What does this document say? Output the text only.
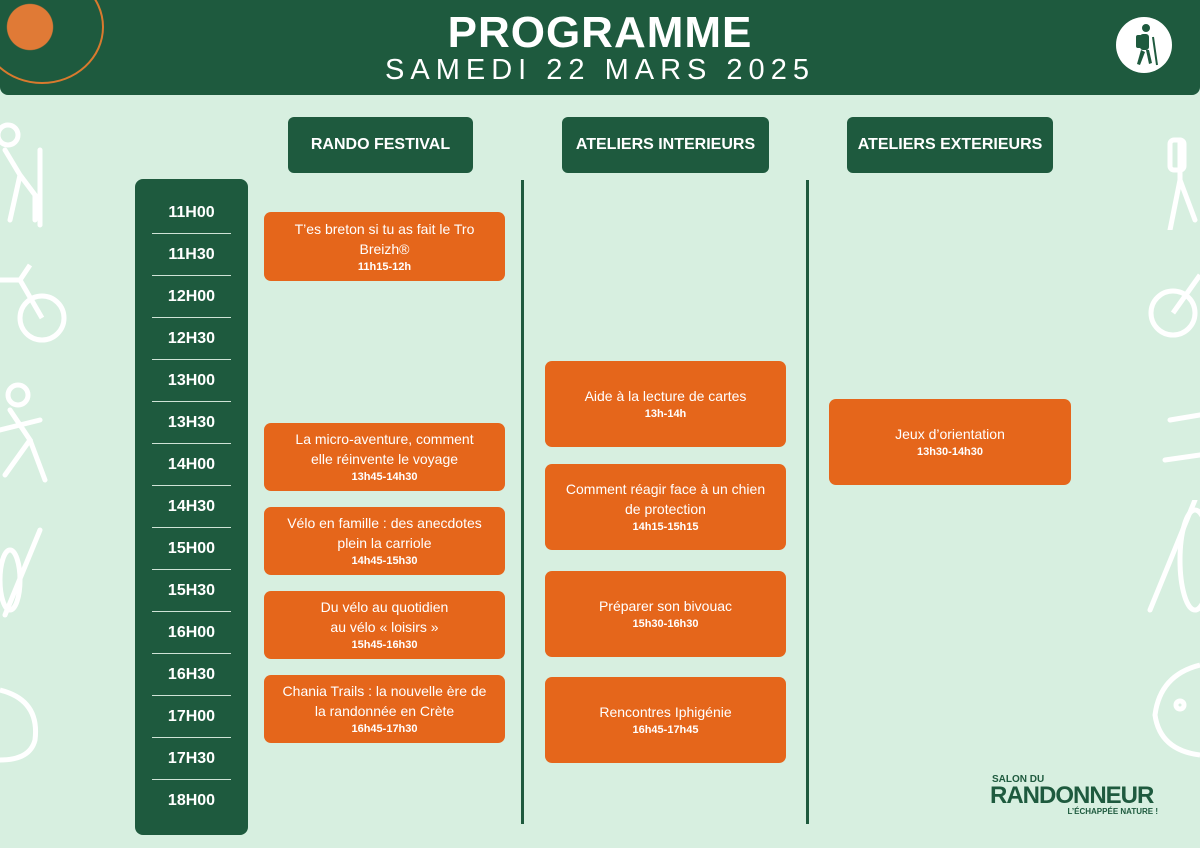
PROGRAMME
SAMEDI 22 MARS 2025
RANDO FESTIVAL	ATELIERS INTERIEURS	ATELIERS EXTERIEURS
11H00
11H30
12H00
12H30
13H00
13H30
14H00
14H30
15H00
15H30
16H00
16H30
17H00
17H30
18H00
T’es breton si tu as fait le Tro
Breizh®
11h15-12h
La micro-aventure, comment
elle réinvente le voyage
13h45-14h30
Vélo en famille : des anecdotes
plein la carriole
14h45-15h30
Du vélo au quotidien
au vélo « loisirs »
15h45-16h30
Chania Trails : la nouvelle ère de
la randonnée en Crète
16h45-17h30
Aide à la lecture de cartes
13h-14h
Comment réagir face à un chien
de protection
14h15-15h15
Préparer son bivouac
15h30-16h30
Rencontres Iphigénie
16h45-17h45
Jeux d’orientation
13h30-14h30
SALON DU
RANDONNEUR
L’ÉCHAPPÉE NATURE !
